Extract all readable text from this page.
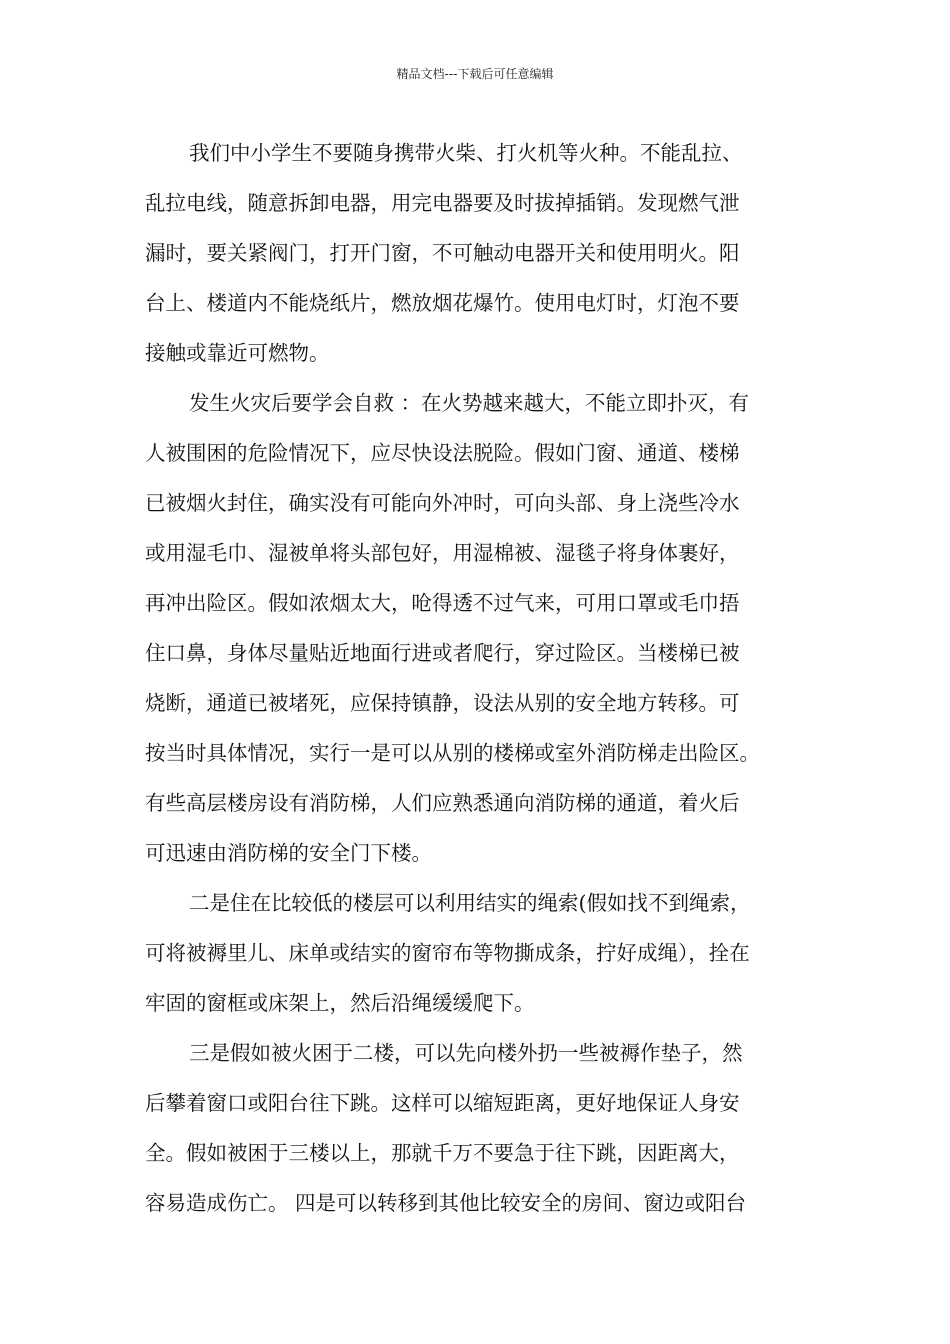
精品文档---下载后可任意编辑
我们中小学生不要随身携带火柴、打火机等火种。不能乱拉、
乱拉电线，随意拆卸电器，用完电器要及时拔掉插销。发现燃气泄
漏时，要关紧阀门，打开门窗，不可触动电器开关和使用明火。阳
台上、楼道内不能烧纸片，燃放烟花爆竹。使用电灯时，灯泡不要
接触或靠近可燃物。
发生火灾后要学会自救 ：在火势越来越大，不能立即扑灭，有
人被围困的危险情况下，应尽快设法脱险。假如门窗、通道、楼梯
已被烟火封住，确实没有可能向外冲时，可向头部、身上浇些冷水
或用湿毛巾、湿被单将头部包好，用湿棉被、湿毯子将身体裹好，
再冲出险区。假如浓烟太大，呛得透不过气来，可用口罩或毛巾捂
住口鼻，身体尽量贴近地面行进或者爬行，穿过险区。当楼梯已被
烧断，通道已被堵死，应保持镇静，设法从别的安全地方转移。可
按当时具体情况，实行一是可以从别的楼梯或室外消防梯走出险区。
有些高层楼房设有消防梯，人们应熟悉通向消防梯的通道，着火后
可迅速由消防梯的安全门下楼。
二是住在比较低的楼层可以利用结实的绳索(假如找不到绳索，
可将被褥里儿、床单或结实的窗帘布等物撕成条，拧好成绳），拴在
牢固的窗框或床架上，然后沿绳缓缓爬下。
三是假如被火困于二楼，可以先向楼外扔一些被褥作垫子，然
后攀着窗口或阳台往下跳。这样可以缩短距离，更好地保证人身安
全。假如被困于三楼以上，那就千万不要急于往下跳，因距离大，
容易造成伤亡。 四是可以转移到其他比较安全的房间、窗边或阳台
